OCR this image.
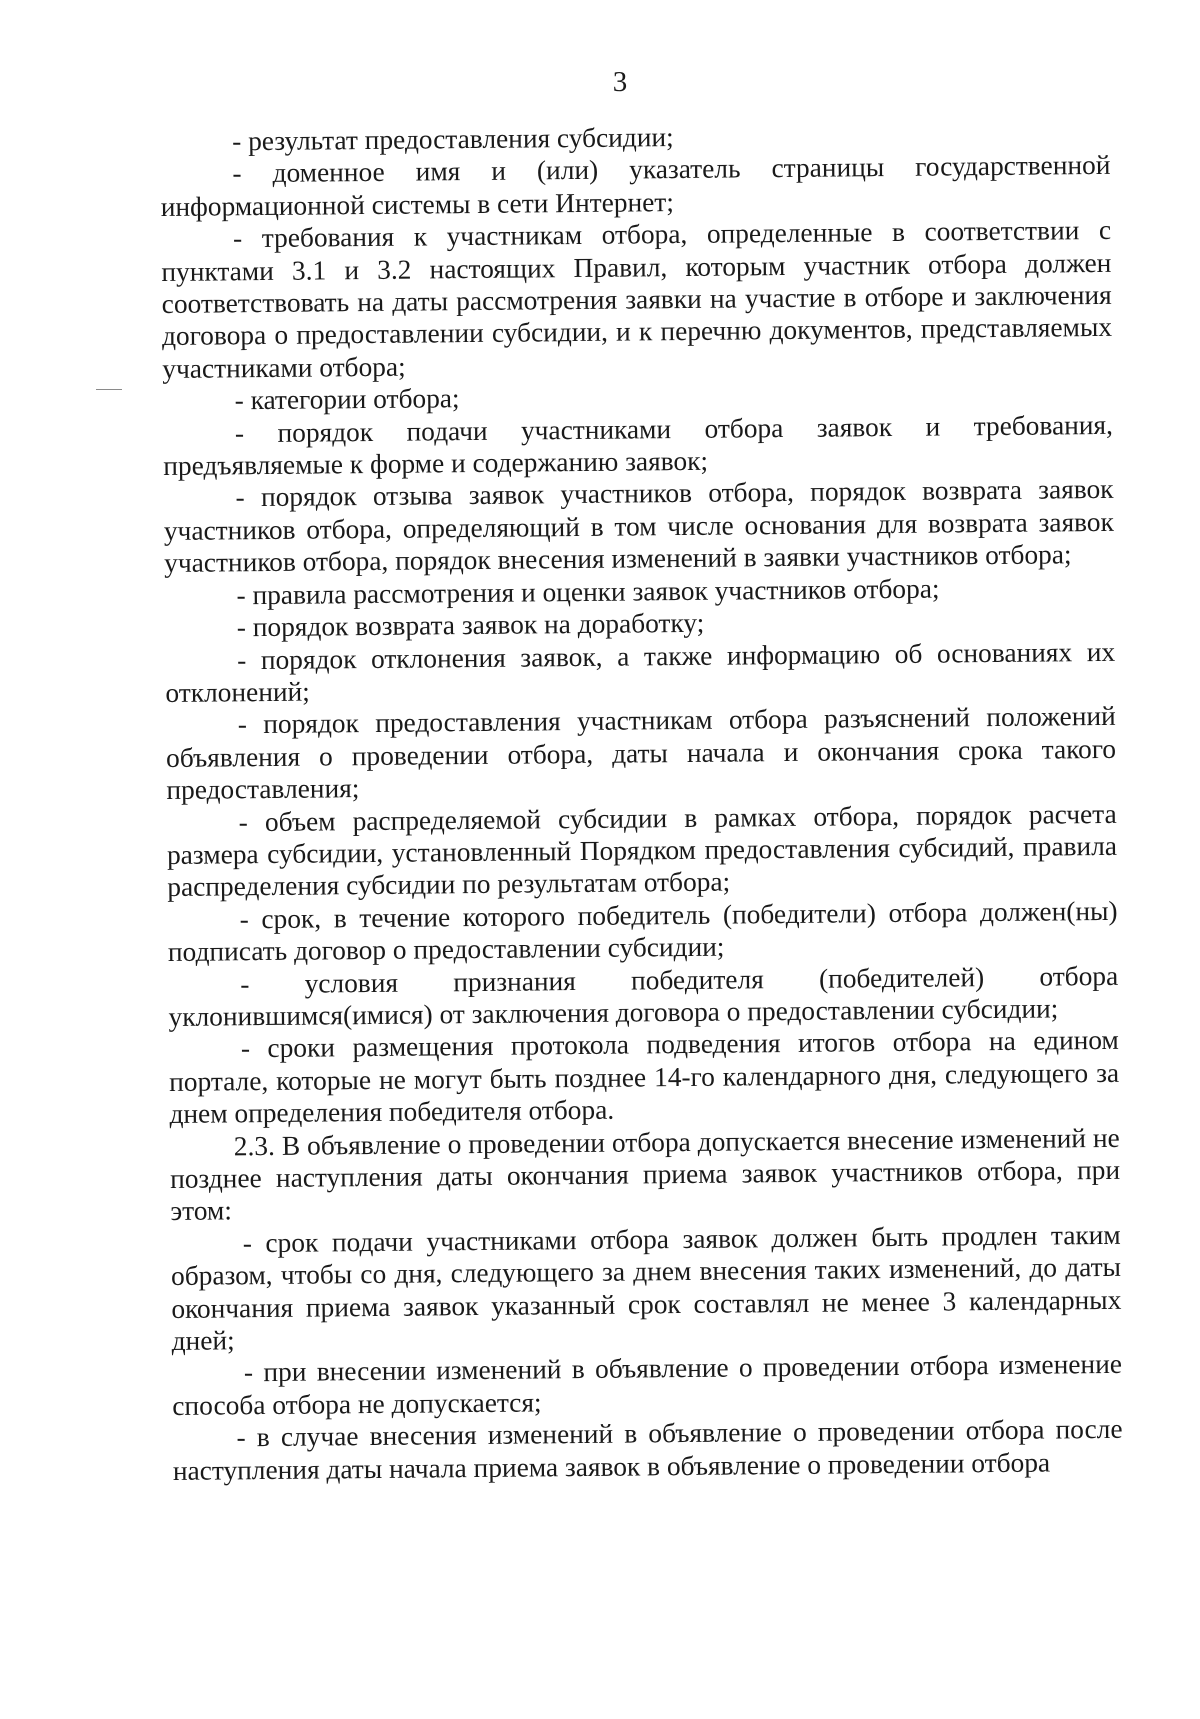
3

- результат предоставления субсидии;

- доменное имя и (или) указатель страницы государственной информационной системы в сети Интернет;

- требования к участникам отбора, определенные в соответствии с пунктами 3.1 и 3.2 настоящих Правил, которым участник отбора должен соответствовать на даты рассмотрения заявки на участие в отборе и заключения договора о предоставлении субсидии, и к перечню документов, представляемых участниками отбора;

- категории отбора;

- порядок подачи участниками отбора заявок и требования, предъявляемые к форме и содержанию заявок;

- порядок отзыва заявок участников отбора, порядок возврата заявок участников отбора, определяющий в том числе основания для возврата заявок участников отбора, порядок внесения изменений в заявки участников отбора;

- правила рассмотрения и оценки заявок участников отбора;

- порядок возврата заявок на доработку;

- порядок отклонения заявок, а также информацию об основаниях их отклонений;

- порядок предоставления участникам отбора разъяснений положений объявления о проведении отбора, даты начала и окончания срока такого предоставления;

- объем распределяемой субсидии в рамках отбора, порядок расчета размера субсидии, установленный Порядком предоставления субсидий, правила распределения субсидии по результатам отбора;

- срок, в течение которого победитель (победители) отбора должен(ны) подписать договор о предоставлении субсидии;

- условия признания победителя (победителей) отбора уклонившимся(имися) от заключения договора о предоставлении субсидии;

- сроки размещения протокола подведения итогов отбора на едином портале, которые не могут быть позднее 14-го календарного дня, следующего за днем определения победителя отбора.

2.3. В объявление о проведении отбора допускается внесение изменений не позднее наступления даты окончания приема заявок участников отбора, при этом:

- срок подачи участниками отбора заявок должен быть продлен таким образом, чтобы со дня, следующего за днем внесения таких изменений, до даты окончания приема заявок указанный срок составлял не менее 3 календарных дней;

- при внесении изменений в объявление о проведении отбора изменение способа отбора не допускается;

- в случае внесения изменений в объявление о проведении отбора после наступления даты начала приема заявок в объявление о проведении отбора
